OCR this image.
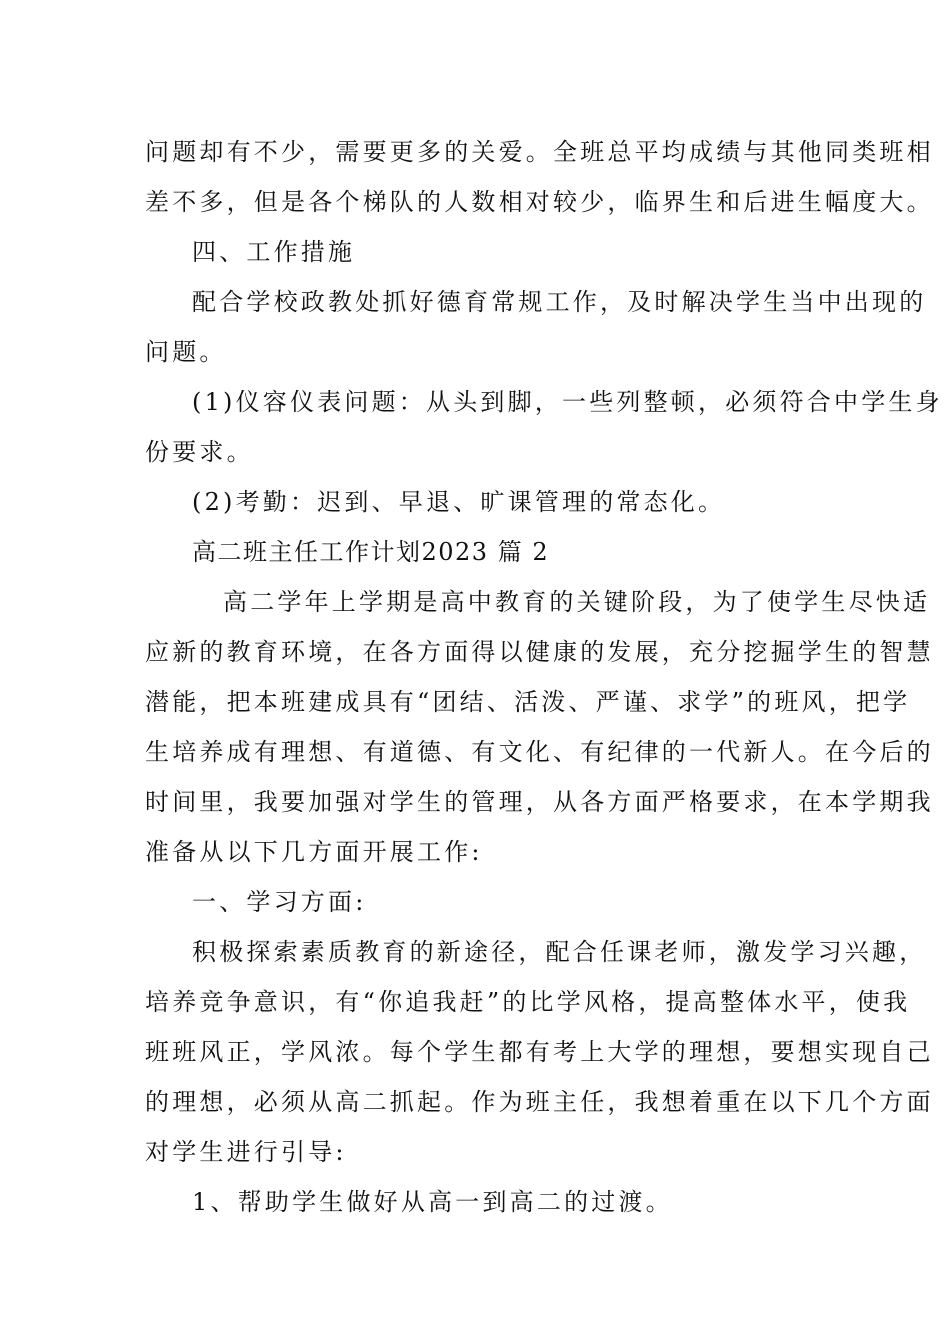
问题却有不少，需要更多的关爱。全班总平均成绩与其他同类班相
差不多，但是各个梯队的人数相对较少，临界生和后进生幅度大。
四、工作措施
配合学校政教处抓好德育常规工作，及时解决学生当中出现的
问题。
(1)仪容仪表问题：从头到脚，一些列整顿，必须符合中学生身
份要求。
(2)考勤：迟到、早退、旷课管理的常态化。
高二班主任工作计划2023 篇 2
高二学年上学期是高中教育的关键阶段，为了使学生尽快适
应新的教育环境，在各方面得以健康的发展，充分挖掘学生的智慧
潜能，把本班建成具有“团结、活泼、严谨、求学”的班风，把学
生培养成有理想、有道德、有文化、有纪律的一代新人。在今后的
时间里，我要加强对学生的管理，从各方面严格要求，在本学期我
准备从以下几方面开展工作:
一、学习方面:
积极探索素质教育的新途径，配合任课老师，激发学习兴趣，
培养竞争意识，有“你追我赶”的比学风格，提高整体水平，使我
班班风正，学风浓。每个学生都有考上大学的理想，要想实现自己
的理想，必须从高二抓起。作为班主任，我想着重在以下几个方面
对学生进行引导:
1、帮助学生做好从高一到高二的过渡。
